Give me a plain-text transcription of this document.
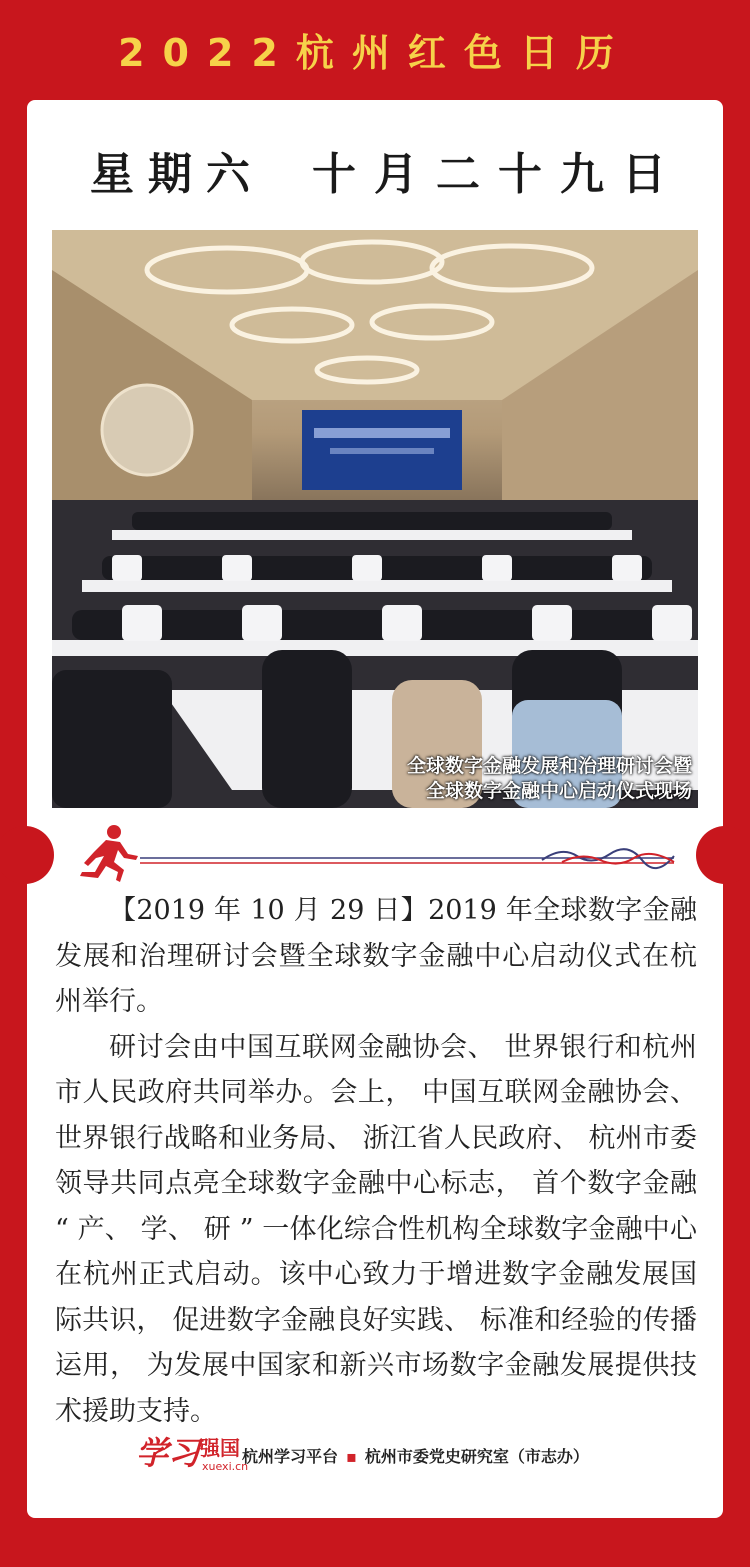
2022杭州红色日历
星期六 十月二十九日
全球数字金融发展和治理研讨会暨
全球数字金融中心启动仪式现场

【2019 年 10 月 29 日】2019 年全球数字金融发展和治理研讨会暨全球数字金融中心启动仪式在杭州举行。

研讨会由中国互联网金融协会、 世界银行和杭州市人民政府共同举办。会上， 中国互联网金融协会、 世界银行战略和业务局、 浙江省人民政府、 杭州市委领导共同点亮全球数字金融中心标志， 首个数字金融 “ 产、 学、 研 ” 一体化综合性机构全球数字金融中心在杭州正式启动。该中心致力于增进数字金融发展国际共识， 促进数字金融良好实践、 标准和经验的传播运用， 为发展中国家和新兴市场数字金融发展提供技术援助支持。

学习 强国
xuexi.cn
杭州学习平台 ▪ 杭州市委党史研究室（市志办）
